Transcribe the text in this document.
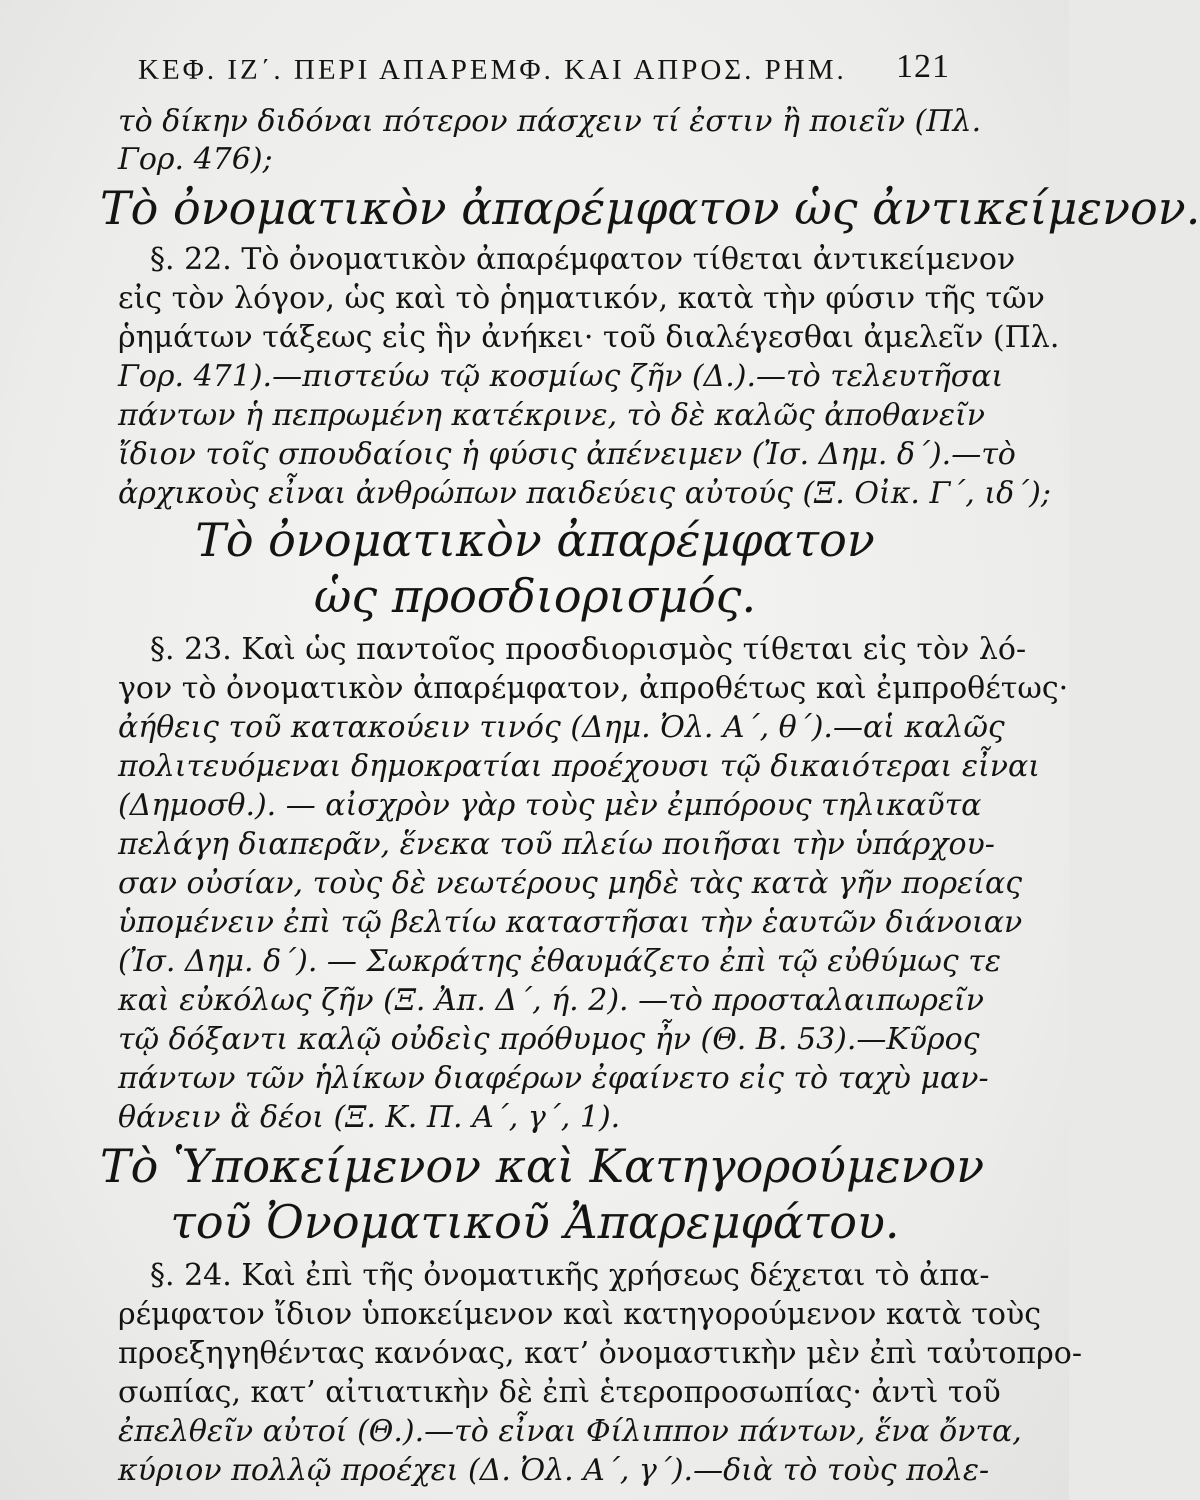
ΚΕΦ. ΙΖ΄. ΠΕΡΙ ΑΠΑΡΕΜΦ. ΚΑΙ ΑΠΡΟΣ. ΡΗΜ. 121
τὸ δίκην διδόναι πότερον πάσχειν τί ἐστιν ἢ ποιεῖν (Πλ.
Γορ. 476);
Τὸ ὀνοματικὸν ἀπαρέμφατον ὡς ἀντικείμενον.
§. 22. Τὸ ὀνοματικὸν ἀπαρέμφατον τίθεται ἀντικείμενον
εἰς τὸν λόγον, ὡς καὶ τὸ ῥηματικόν, κατὰ τὴν φύσιν τῆς τῶν
ῥημάτων τάξεως εἰς ἣν ἀνήκει· τοῦ διαλέγεσθαι ἀμελεῖν (Πλ.
Γορ. 471).—πιστεύω τῷ κοσμίως ζῆν (Δ.).—τὸ τελευτῆσαι
πάντων ἡ πεπρωμένη κατέκρινε, τὸ δὲ καλῶς ἀποθανεῖν
ἴδιον τοῖς σπουδαίοις ἡ φύσις ἀπένειμεν (Ἰσ. Δημ. δ΄).—τὸ
ἀρχικοὺς εἶναι ἀνθρώπων παιδεύεις αὐτούς (Ξ. Οἰκ. Γ΄, ιδ΄);
Τὸ ὀνοματικὸν ἀπαρέμφατον
ὡς προσδιορισμός.
§. 23. Καὶ ὡς παντοῖος προσδιορισμὸς τίθεται εἰς τὸν λό-
γον τὸ ὀνοματικὸν ἀπαρέμφατον, ἀπροθέτως καὶ ἐμπροθέτως·
ἀήθεις τοῦ κατακούειν τινός (Δημ. Ὀλ. Α΄, θ΄).—αἱ καλῶς
πολιτευόμεναι δημοκρατίαι προέχουσι τῷ δικαιότεραι εἶναι
(Δημοσθ.). — αἰσχρὸν γὰρ τοὺς μὲν ἐμπόρους τηλικαῦτα
πελάγη διαπερᾶν, ἕνεκα τοῦ πλείω ποιῆσαι τὴν ὑπάρχου-
σαν οὐσίαν, τοὺς δὲ νεωτέρους μηδὲ τὰς κατὰ γῆν πορείας
ὑπομένειν ἐπὶ τῷ βελτίω καταστῆσαι τὴν ἑαυτῶν διάνοιαν
(Ἰσ. Δημ. δ΄). — Σωκράτης ἐθαυμάζετο ἐπὶ τῷ εὐθύμως τε
καὶ εὐκόλως ζῆν (Ξ. Ἀπ. Δ΄, ή. 2). —τὸ προσταλαιπωρεῖν
τῷ δόξαντι καλῷ οὐδεὶς πρόθυμος ἦν (Θ. Β. 53).—Κῦρος
πάντων τῶν ἡλίκων διαφέρων ἐφαίνετο εἰς τὸ ταχὺ μαν-
θάνειν ἃ δέοι (Ξ. Κ. Π. Α΄, γ΄, 1).
Τὸ Ὑποκείμενον καὶ Κατηγορούμενον
τοῦ Ὀνοματικοῦ Ἀπαρεμφάτου.
§. 24. Καὶ ἐπὶ τῆς ὀνοματικῆς χρήσεως δέχεται τὸ ἀπα-
ρέμφατον ἴδιον ὑποκείμενον καὶ κατηγορούμενον κατὰ τοὺς
προεξηγηθέντας κανόνας, κατ’ ὀνομαστικὴν μὲν ἐπὶ ταὐτοπρο-
σωπίας, κατ’ αἰτιατικὴν δὲ ἐπὶ ἑτεροπροσωπίας· ἀντὶ τοῦ
ἐπελθεῖν αὐτοί (Θ.).—τὸ εἶναι Φίλιππον πάντων, ἕνα ὄντα,
κύριον πολλῷ προέχει (Δ. Ὀλ. Α΄, γ΄).—διὰ τὸ τοὺς πολε-
